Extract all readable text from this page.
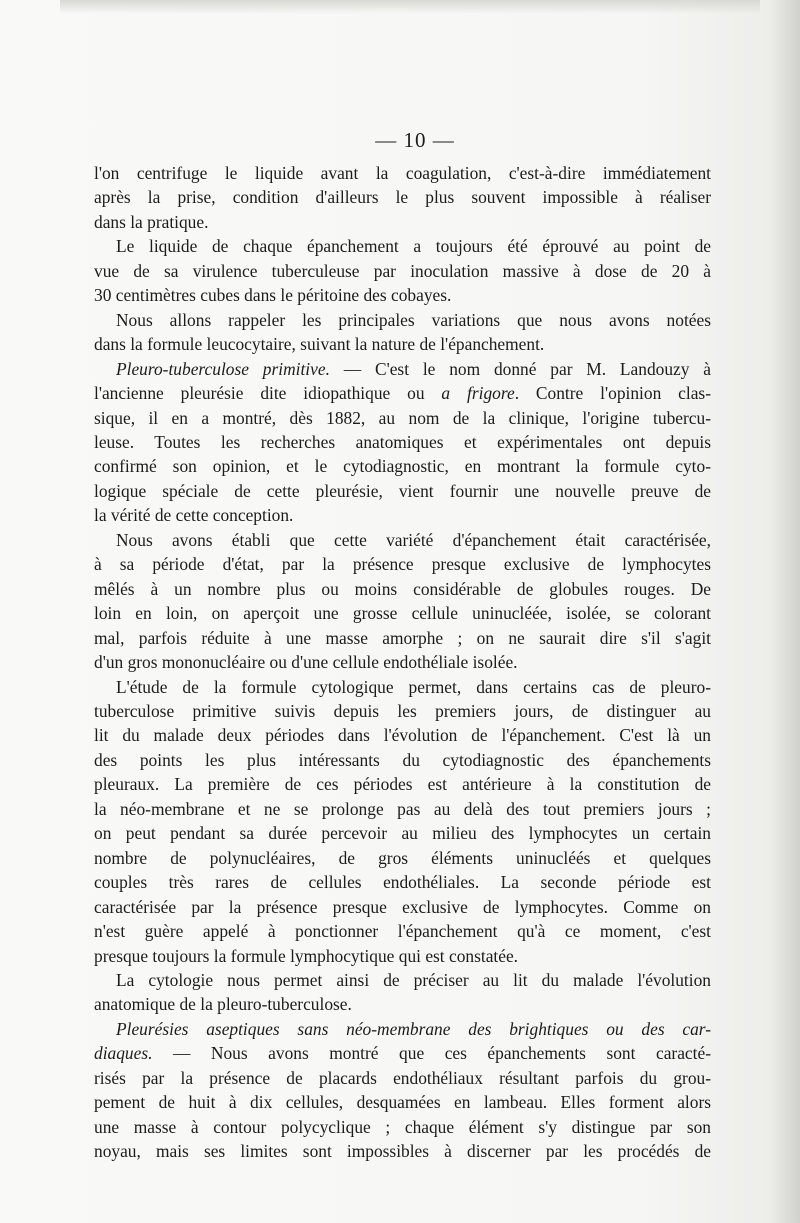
— 10 —
l'on centrifuge le liquide avant la coagulation, c'est-à-dire immédiatement
après la prise, condition d'ailleurs le plus souvent impossible à réaliser
dans la pratique.
Le liquide de chaque épanchement a toujours été éprouvé au point de
vue de sa virulence tuberculeuse par inoculation massive à dose de 20 à
30 centimètres cubes dans le péritoine des cobayes.
Nous allons rappeler les principales variations que nous avons notées
dans la formule leucocytaire, suivant la nature de l'épanchement.
Pleuro-tuberculose primitive. — C'est le nom donné par M. Landouzy à
l'ancienne pleurésie dite idiopathique ou a frigore. Contre l'opinion clas-
sique, il en a montré, dès 1882, au nom de la clinique, l'origine tubercu-
leuse. Toutes les recherches anatomiques et expérimentales ont depuis
confirmé son opinion, et le cytodiagnostic, en montrant la formule cyto-
logique spéciale de cette pleurésie, vient fournir une nouvelle preuve de
la vérité de cette conception.
Nous avons établi que cette variété d'épanchement était caractérisée,
à sa période d'état, par la présence presque exclusive de lymphocytes
mêlés à un nombre plus ou moins considérable de globules rouges. De
loin en loin, on aperçoit une grosse cellule uninucléée, isolée, se colorant
mal, parfois réduite à une masse amorphe ; on ne saurait dire s'il s'agit
d'un gros mononucléaire ou d'une cellule endothéliale isolée.
L'étude de la formule cytologique permet, dans certains cas de pleuro-
tuberculose primitive suivis depuis les premiers jours, de distinguer au
lit du malade deux périodes dans l'évolution de l'épanchement. C'est là un
des points les plus intéressants du cytodiagnostic des épanchements
pleuraux. La première de ces périodes est antérieure à la constitution de
la néo-membrane et ne se prolonge pas au delà des tout premiers jours ;
on peut pendant sa durée percevoir au milieu des lymphocytes un certain
nombre de polynucléaires, de gros éléments uninucléés et quelques
couples très rares de cellules endothéliales. La seconde période est
caractérisée par la présence presque exclusive de lymphocytes. Comme on
n'est guère appelé à ponctionner l'épanchement qu'à ce moment, c'est
presque toujours la formule lymphocytique qui est constatée.
La cytologie nous permet ainsi de préciser au lit du malade l'évolution
anatomique de la pleuro-tuberculose.
Pleurésies aseptiques sans néo-membrane des brightiques ou des car-
diaques. — Nous avons montré que ces épanchements sont caracté-
risés par la présence de placards endothéliaux résultant parfois du grou-
pement de huit à dix cellules, desquamées en lambeau. Elles forment alors
une masse à contour polycyclique ; chaque élément s'y distingue par son
noyau, mais ses limites sont impossibles à discerner par les procédés de
